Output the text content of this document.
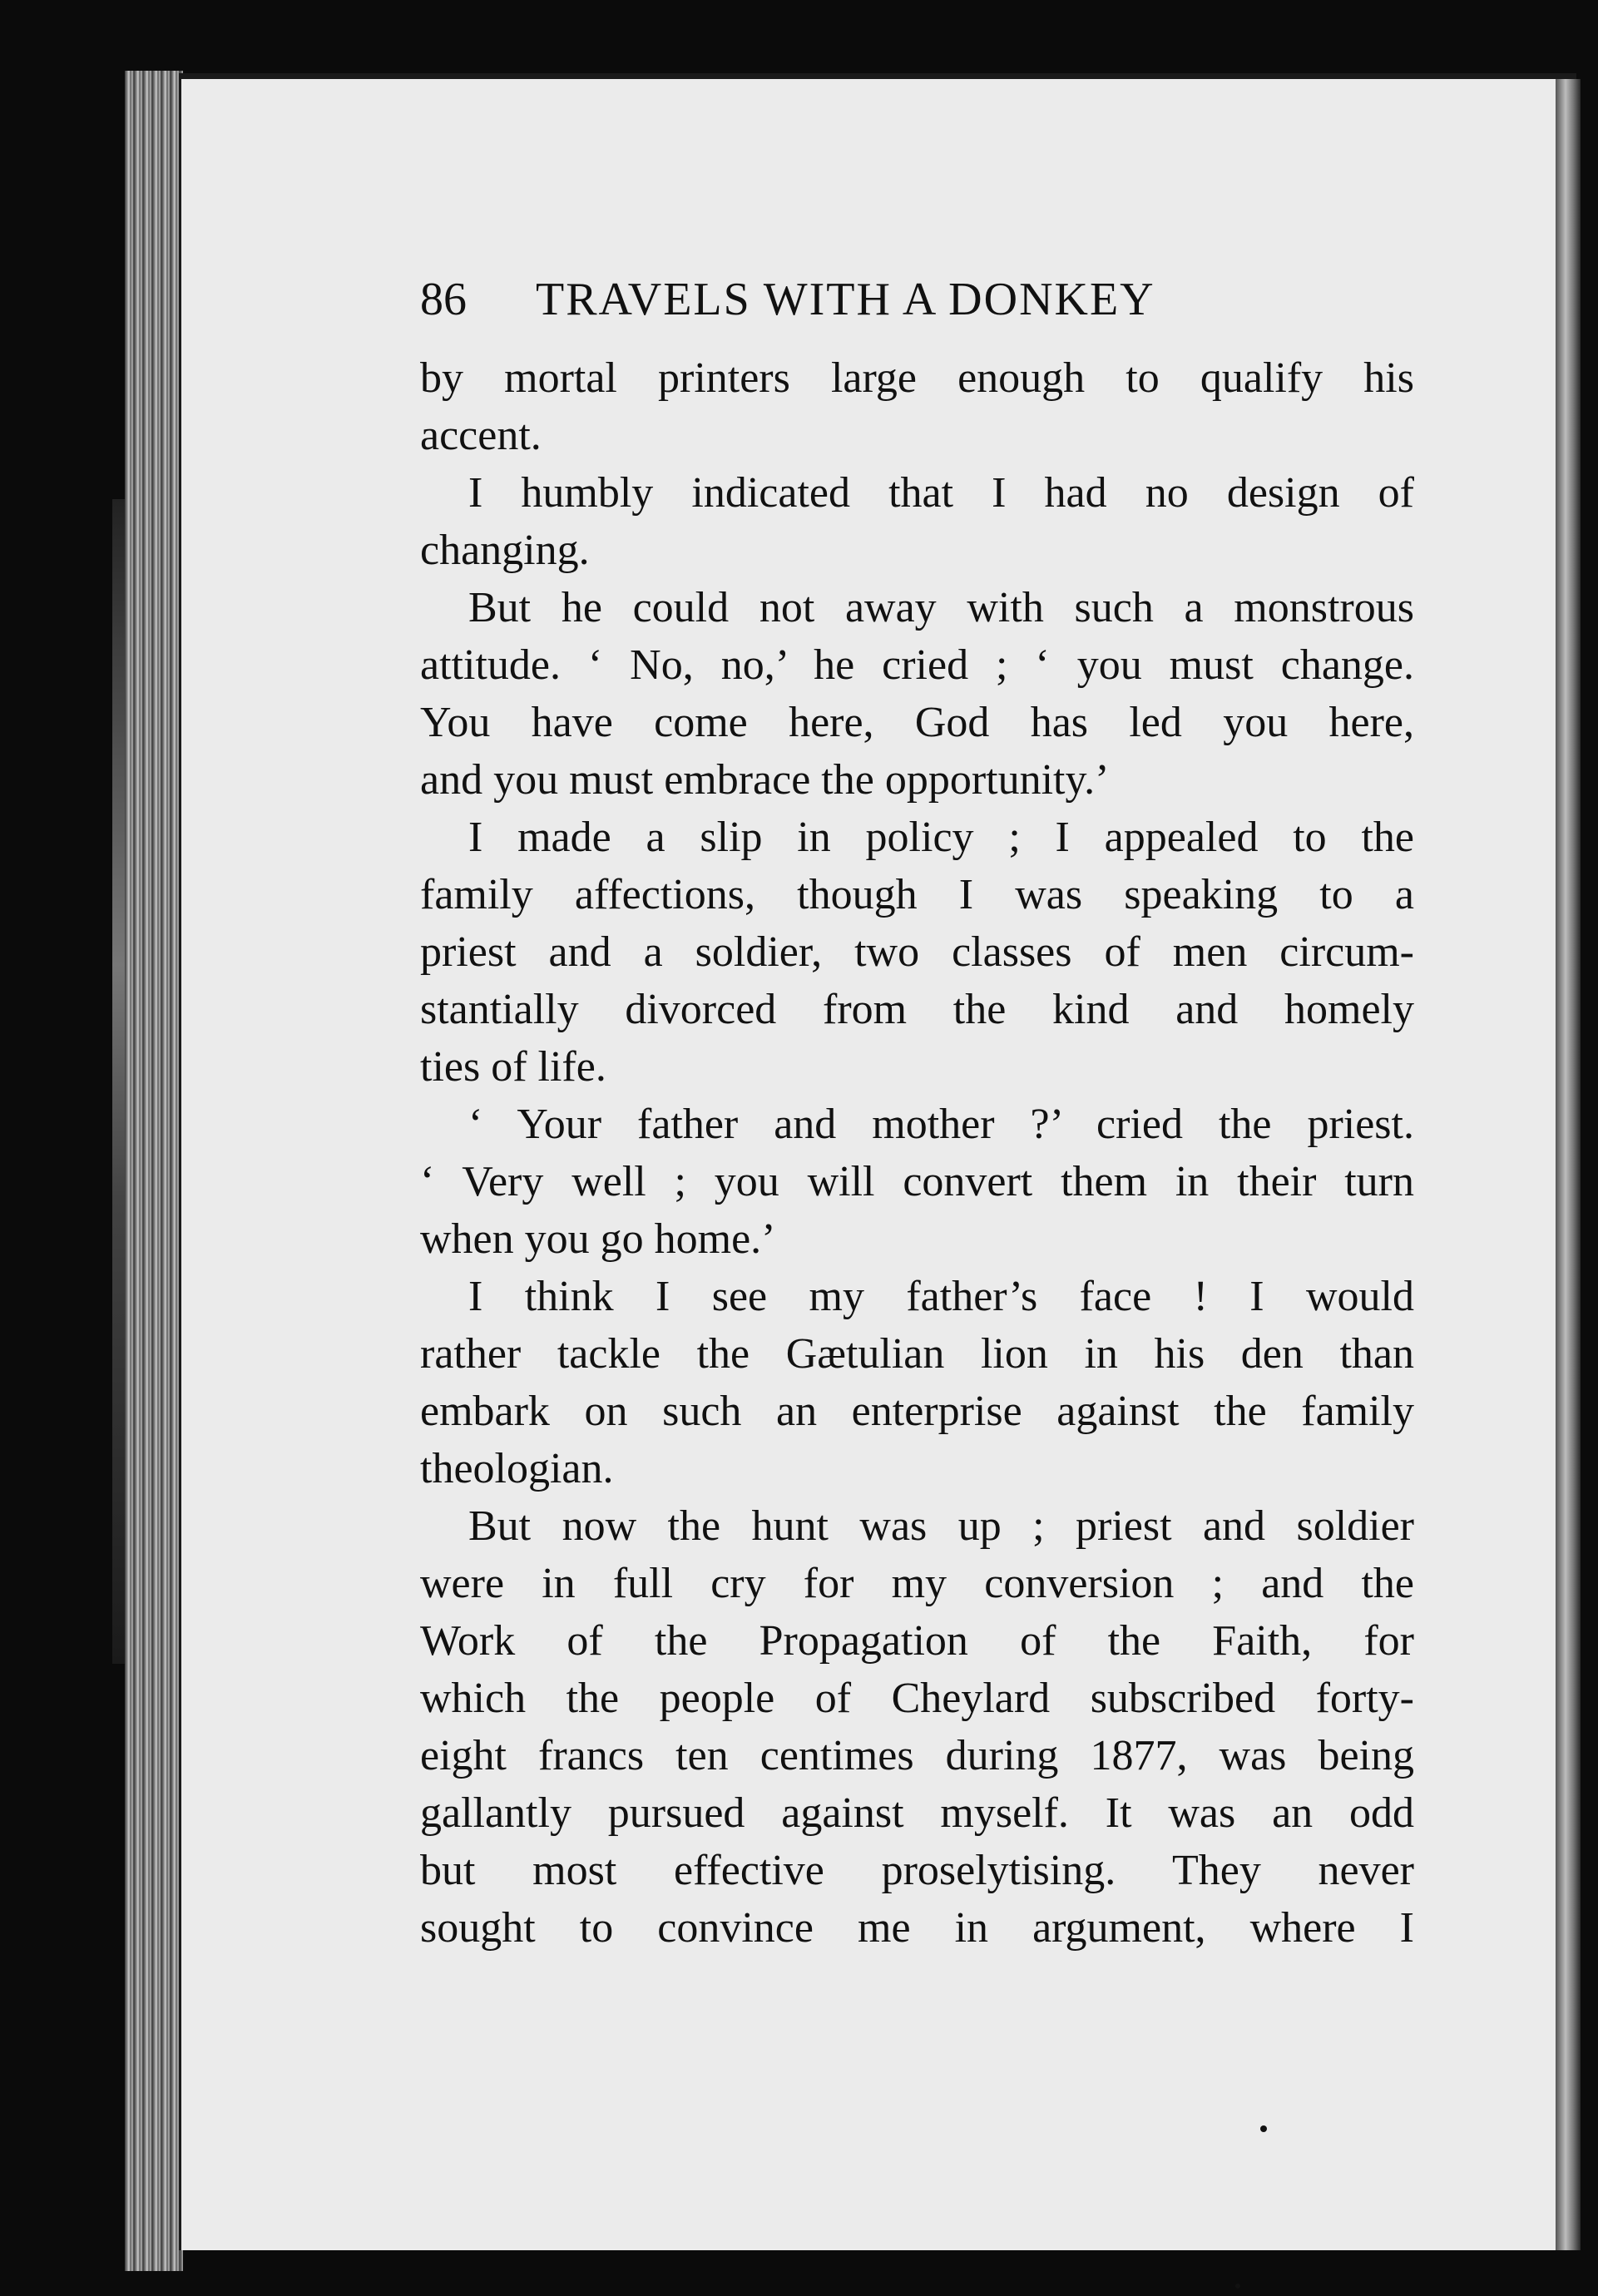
86 TRAVELS WITH A DONKEY
by mortal printers large enough to qualify his
accent.
I humbly indicated that I had no design of
changing.
But he could not away with such a monstrous
attitude. ‘ No, no,’ he cried ; ‘ you must change.
You have come here, God has led you here,
and you must embrace the opportunity.’
I made a slip in policy ; I appealed to the
family affections, though I was speaking to a
priest and a soldier, two classes of men circum-
stantially divorced from the kind and homely
ties of life.
‘ Your father and mother ?’ cried the priest.
‘ Very well ; you will convert them in their turn
when you go home.’
I think I see my father’s face ! I would
rather tackle the Gætulian lion in his den than
embark on such an enterprise against the family
theologian.
But now the hunt was up ; priest and soldier
were in full cry for my conversion ; and the
Work of the Propagation of the Faith, for
which the people of Cheylard subscribed forty-
eight francs ten centimes during 1877, was being
gallantly pursued against myself. It was an odd
but most effective proselytising. They never
sought to convince me in argument, where I
